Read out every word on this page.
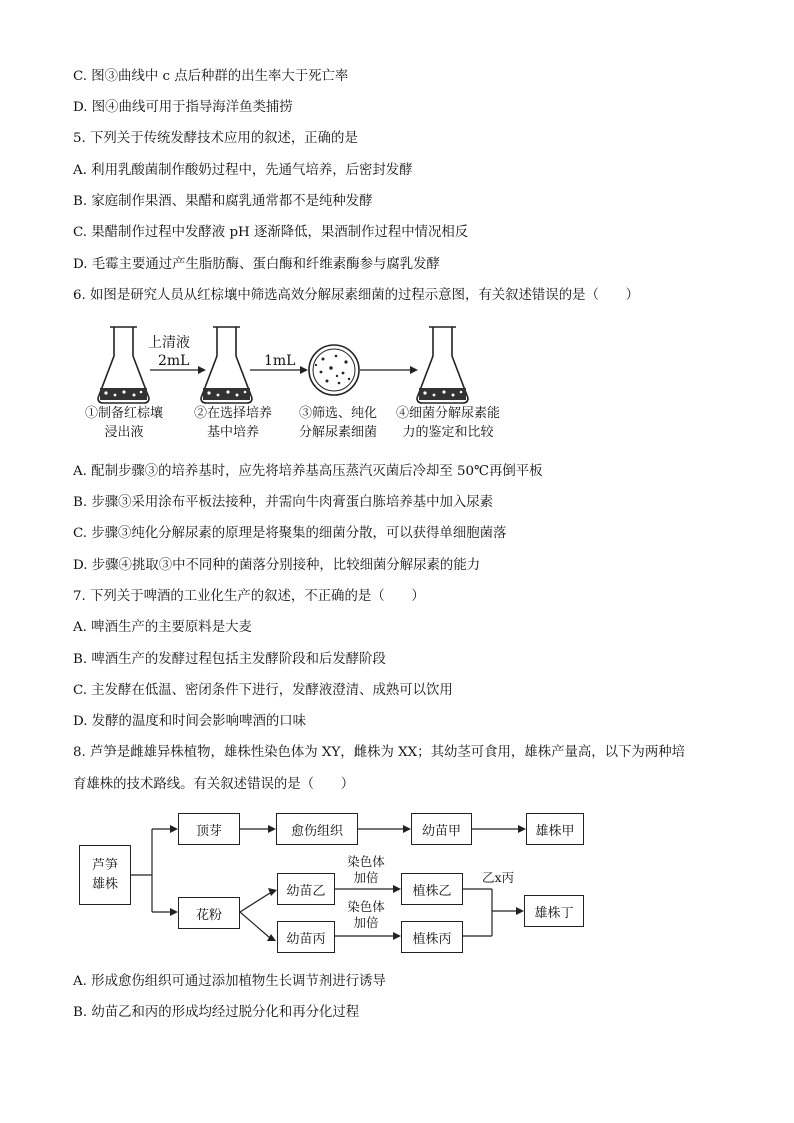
C. 图③曲线中 c 点后种群的出生率大于死亡率
D. 图④曲线可用于指导海洋鱼类捕捞
5. 下列关于传统发酵技术应用的叙述，正确的是
A. 利用乳酸菌制作酸奶过程中，先通气培养，后密封发酵
B. 家庭制作果酒、果醋和腐乳通常都不是纯种发酵
C. 果醋制作过程中发酵液 pH 逐渐降低，果酒制作过程中情况相反
D. 毛霉主要通过产生脂肪酶、蛋白酶和纤维素酶参与腐乳发酵
6. 如图是研究人员从红棕壤中筛选高效分解尿素细菌的过程示意图，有关叙述错误的是（　　）
上清液
2mL	1mL
①制备红棕壤
浸出液
②在选择培养
基中培养
③筛选、纯化
分解尿素细菌
④细菌分解尿素能
力的鉴定和比较
A. 配制步骤③的培养基时，应先将培养基高压蒸汽灭菌后冷却至 50℃再倒平板
B. 步骤③采用涂布平板法接种，并需向牛肉膏蛋白胨培养基中加入尿素
C. 步骤③纯化分解尿素的原理是将聚集的细菌分散，可以获得单细胞菌落
D. 步骤④挑取③中不同种的菌落分别接种，比较细菌分解尿素的能力
7. 下列关于啤酒的工业化生产的叙述，不正确的是（　　）
A. 啤酒生产的主要原料是大麦
B. 啤酒生产的发酵过程包括主发酵阶段和后发酵阶段
C. 主发酵在低温、密闭条件下进行，发酵液澄清、成熟可以饮用
D. 发酵的温度和时间会影响啤酒的口味
8. 芦笋是雌雄异株植物，雄株性染色体为 XY，雌株为 XX；其幼茎可食用，雄株产量高，以下为两种培
育雄株的技术路线。有关叙述错误的是（　　）
芦笋
雄株
顶芽	愈伤组织	幼苗甲	雄株甲
花粉
幼苗乙
幼苗丙
植株乙
植株丙
雄株丁
染色体
加倍
染色体
加倍
乙x丙
A. 形成愈伤组织可通过添加植物生长调节剂进行诱导
B. 幼苗乙和丙的形成均经过脱分化和再分化过程
